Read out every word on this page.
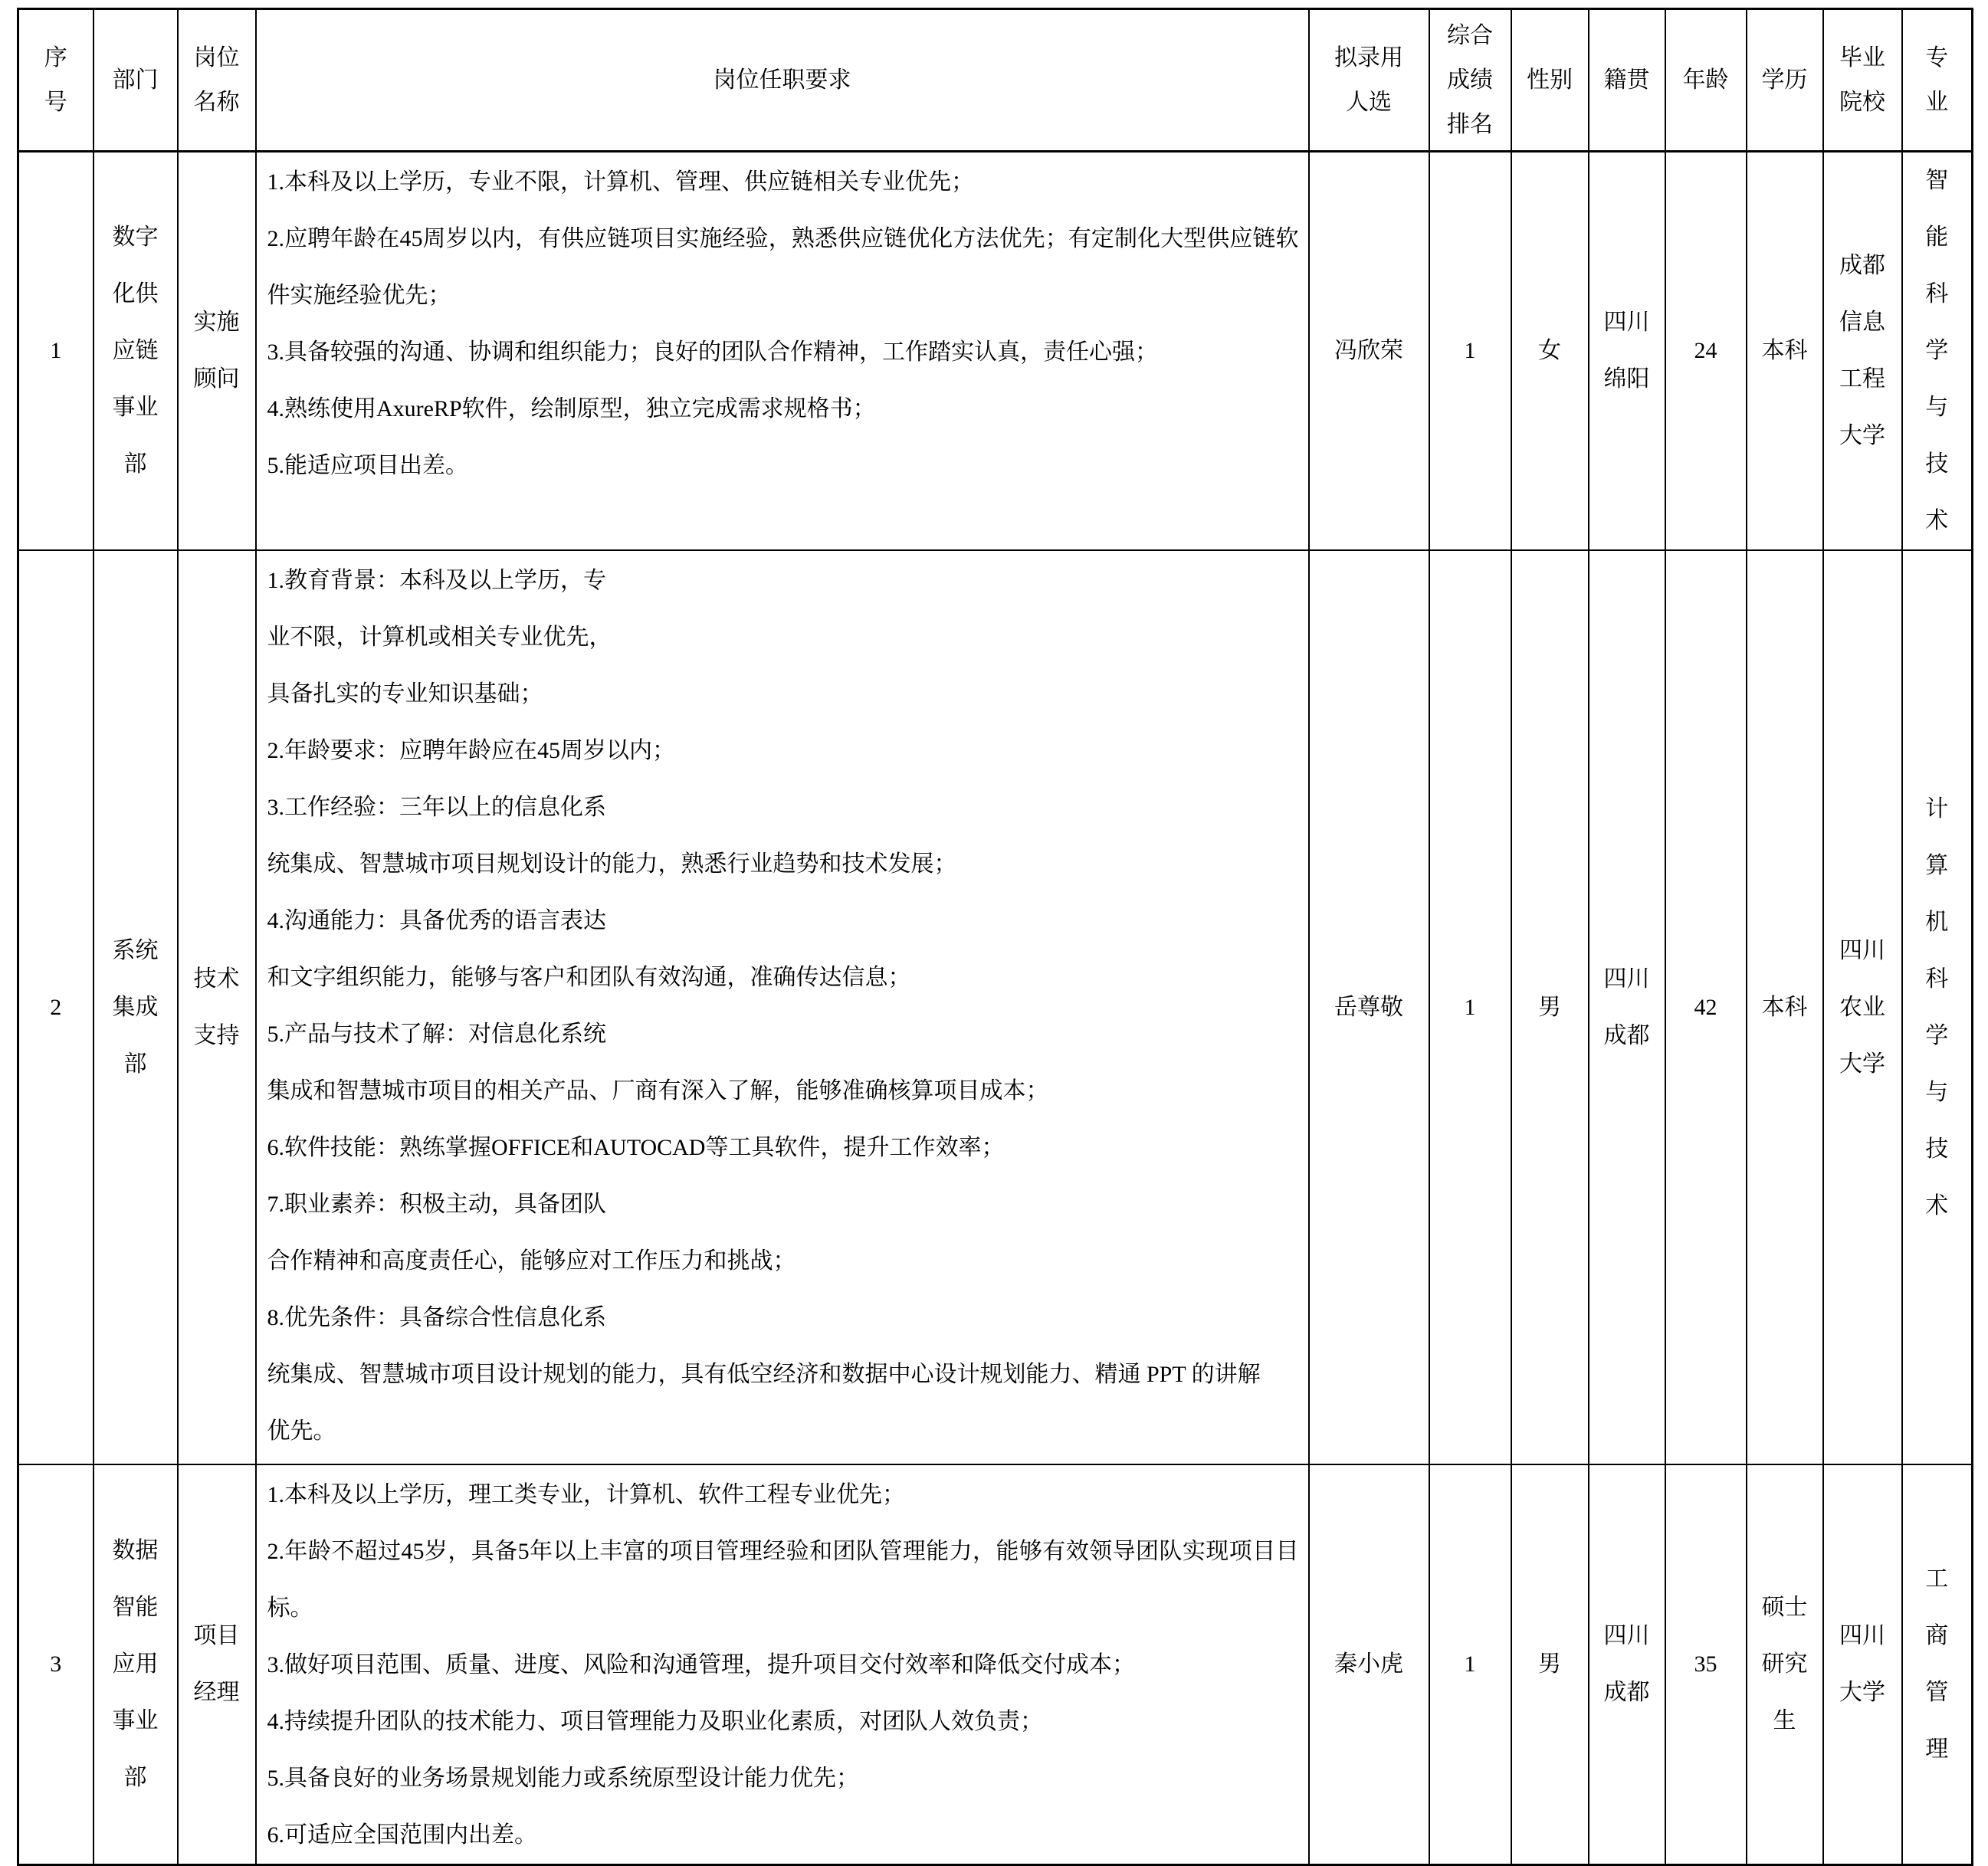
序号	部门	岗位名称	岗位任职要求	拟录用人选	综合成绩排名	性别	籍贯	年龄	学历	毕业院校	专业
1	数字化供应链事业部	实施顾问	1.本科及以上学历，专业不限，计算机、管理、供应链相关专业优先；

2.应聘年龄在45周岁以内，有供应链项目实施经验，熟悉供应链优化方法优先；有定制化大型供应链软件实施经验优先；

3.具备较强的沟通、协调和组织能力；良好的团队合作精神，工作踏实认真，责任心强；

4.熟练使用AxureRP软件，绘制原型，独立完成需求规格书；

5.能适应项目出差。	冯欣荣	1	女	四川绵阳	24	本科	成都信息工程大学	智能科学与技术
2	系统集成部	技术支持	

1.教育背景：本科及以上学历，专

业不限，计算机或相关专业优先，

具备扎实的专业知识基础；

2.年龄要求：应聘年龄应在45周岁以内；

3.工作经验：三年以上的信息化系

统集成、智慧城市项目规划设计的能力，熟悉行业趋势和技术发展；

4.沟通能力：具备优秀的语言表达

和文字组织能力，能够与客户和团队有效沟通，准确传达信息；

5.产品与技术了解：对信息化系统

集成和智慧城市项目的相关产品、厂商有深入了解，能够准确核算项目成本；

6.软件技能：熟练掌握OFFICE和AUTOCAD等工具软件，提升工作效率；

7.职业素养：积极主动，具备团队

合作精神和高度责任心，能够应对工作压力和挑战；

8.优先条件：具备综合性信息化系

统集成、智慧城市项目设计规划的能力，具有低空经济和数据中心设计规划能力、精通 PPT 的讲解

优先。

	岳尊敬	1	男	四川成都	42	本科	四川农业大学	计算机科学与技术
3	数据智能应用事业部	项目经理	

1.本科及以上学历，理工类专业，计算机、软件工程专业优先；

2.年龄不超过45岁，具备5年以上丰富的项目管理经验和团队管理能力，能够有效领导团队实现项目目标。

3.做好项目范围、质量、进度、风险和沟通管理，提升项目交付效率和降低交付成本；

4.持续提升团队的技术能力、项目管理能力及职业化素质，对团队人效负责；

5.具备良好的业务场景规划能力或系统原型设计能力优先；

6.可适应全国范围内出差。

	秦小虎	1	男	四川成都	35	硕士研究生	四川大学	工商管理
